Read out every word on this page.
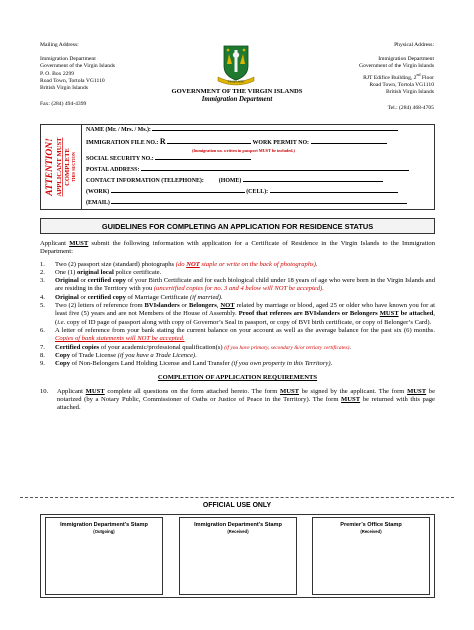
Mailing Address:
Immigration Department
Government of the Virgin Islands
P. O. Box 2299
Road Town, Tortola VG1110
British Virgin Islands
Fax: (284) 494-4399
Physical Address:
Immigration Department
Government of the Virgin Islands
RJT Edifice Building, 2nd Floor
Road Town, Tortola VG1110
British Virgin Islands
Tel.: (284) 468-4705
VIGILATE
GOVERNMENT OF THE VIRGIN ISLANDS
Immigration Department
ATTENTION! APPLICANT MUST COMPLETE THIS SECTION
NAME (Mr. / Mrs. / Ms.):
IMMIGRATION FILE NO.: R	WORK PERMIT NO:
(Immigration no. written in passport MUST be included.)
SOCIAL SECURITY NO.:
POSTAL ADDRESS:
CONTACT INFORMATION (TELEPHONE):	(HOME)
(WORK)	(CELL):
(EMAIL)
GUIDELINES FOR COMPLETING AN APPLICATION FOR RESIDENCE STATUS

Applicant MUST submit the following information with application for a Certificate of Residence in the Virgin Islands to the Immigration Department:

1. Two (2) passport size (standard) photographs (do NOT staple or write on the back of photographs).
2. One (1) original local police certificate.
3. Original or certified copy of your Birth Certificate and for each biological child under 18 years of age who were born in the Virgin Islands and are residing in the Territory with you (uncertified copies for no. 3 and 4 below will NOT be accepted).
4. Original or certified copy of Marriage Certificate (if married).
5. Two (2) letters of reference from BVIslanders or Belongers, NOT related by marriage or blood, aged 25 or older who have known you for at least five (5) years and are not Members of the House of Assembly. Proof that referees are BVIslanders or Belongers MUST be attached, (i.e. copy of ID page of passport along with copy of Governor’s Seal in passport, or copy of BVI birth certificate, or copy of Belonger’s Card).
6. A letter of reference from your bank stating the current balance on your account as well as the average balance for the past six (6) months. Copies of bank statements will NOT be accepted.
7. Certified copies of your academic/professional qualification(s) (if you have primary, secondary &/or tertiary certificates).
8. Copy of Trade License (if you have a Trade Licence).
9. Copy of Non-Belongers Land Holding License and Land Transfer (if you own property in this Territory).
COMPLETION OF APPLICATION REQUIREMENTS
10. Applicant MUST complete all questions on the form attached hereto. The form MUST be signed by the applicant. The form MUST be notarized (by a Notary Public, Commissioner of Oaths or Justice of Peace in the Territory). The form MUST be returned with this page attached.
OFFICIAL USE ONLY
Immigration Department’s Stamp
(Outgoing)
Immigration Department’s Stamp
(Received)
Premier’s Office Stamp
(Received)
